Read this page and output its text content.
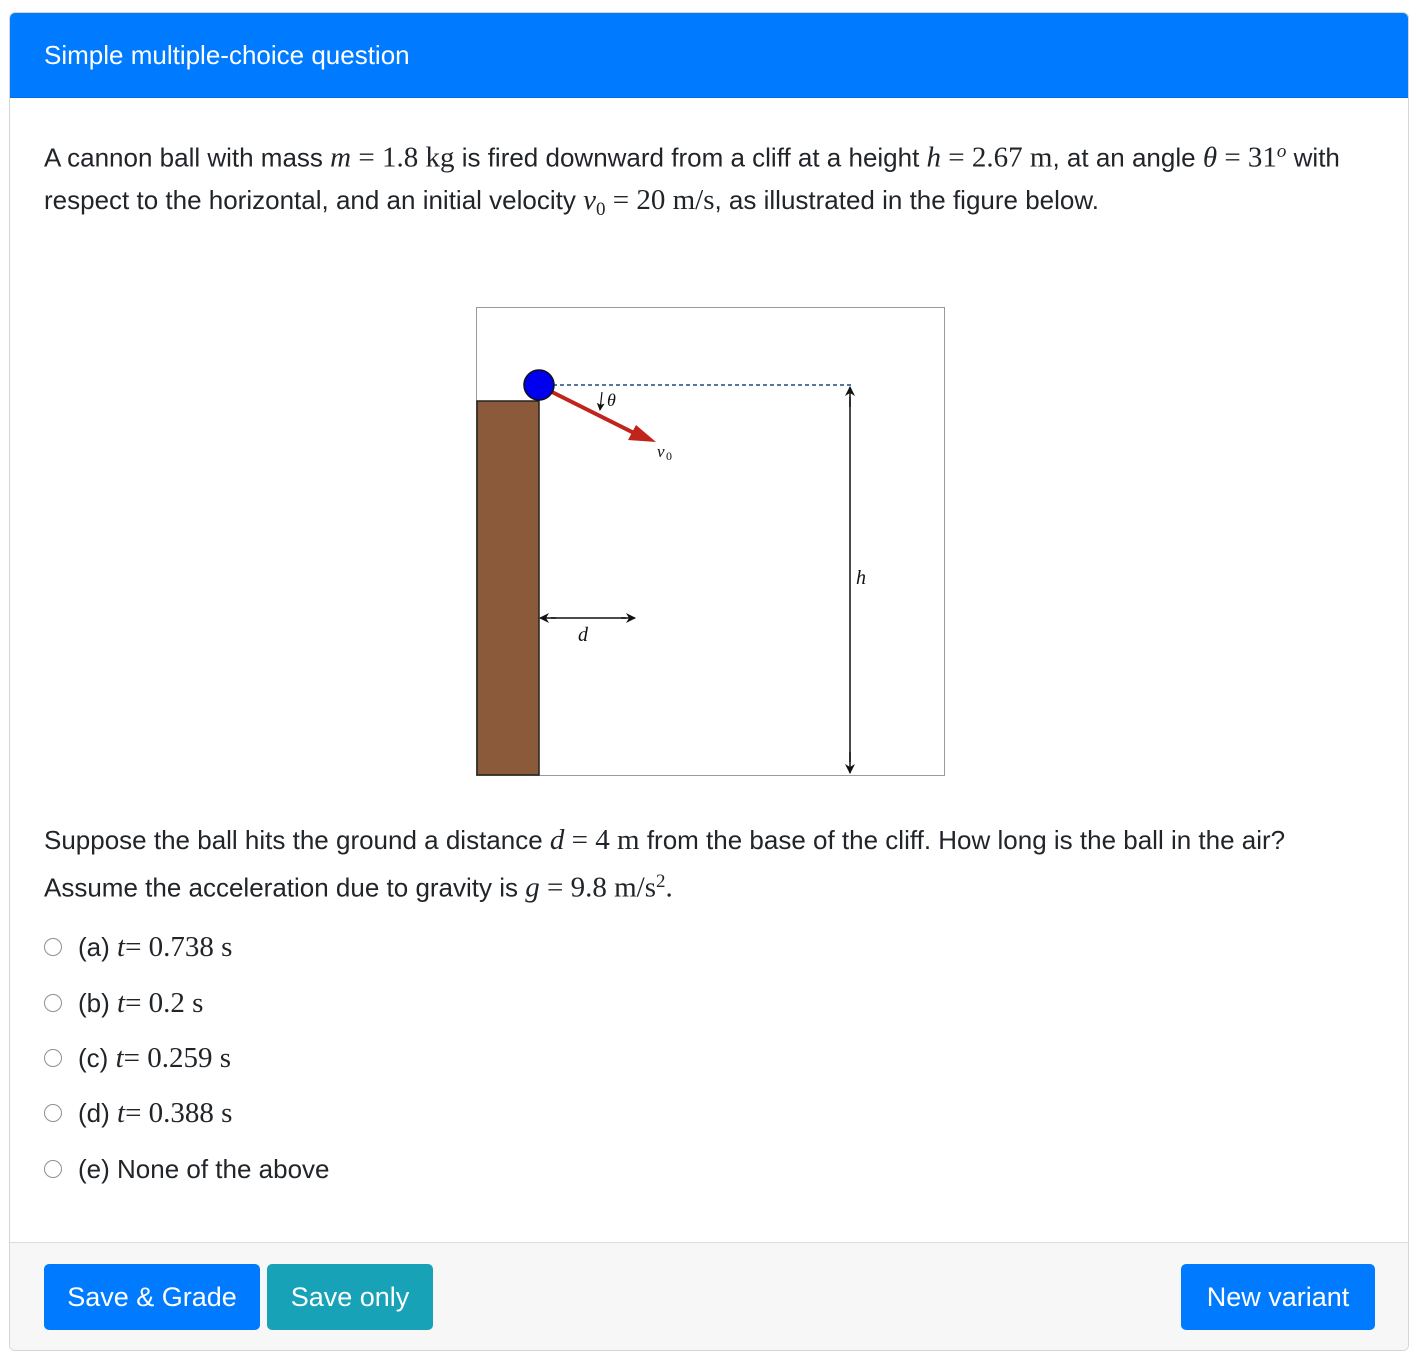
Simple multiple-choice question
A cannon ball with mass m = 1.8 kg is fired downward from a cliff at a height h = 2.67 m, at an angle $\theta = 31^o$ with respect to the horizontal, and an initial velocity $v_0 = 20$ m/s, as illustrated in the figure below.
θ
v 0
h
d
Suppose the ball hits the ground a distance d = 4 m from the base of the cliff. How long is the ball in the air? Assume the acceleration due to gravity is g = 9.8 $m/s^2$.
(a)
t = 0.738 s
(b)
t = 0.2 s
(c)
t = 0.259 s
(d)
t = 0.388 s
(e)
None of the above
Save & Grade	Save only	New variant
